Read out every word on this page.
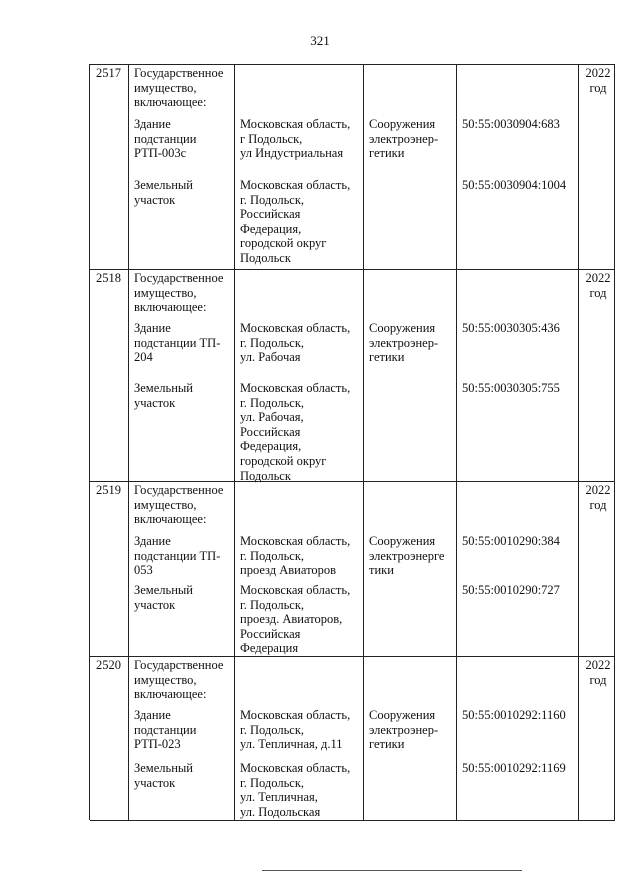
321
2517 Государственное
имущество,
включающее:
2022
год
Здание
подстанции
РТП-003с
Московская область,
г Подольск,
ул Индустриальная
Сооружения
электроэнер-
гетики
50:55:0030904:683
Земельный
участок
Московская область,
г. Подольск,
Российская
Федерация,
городской округ
Подольск
50:55:0030904:1004
2518 Государственное
имущество,
включающее:
2022
год
Здание
подстанции ТП-
204
Московская область,
г. Подольск,
ул. Рабочая
Сооружения
электроэнер-
гетики
50:55:0030305:436
Земельный
участок
Московская область,
г. Подольск,
ул. Рабочая,
Российская
Федерация,
городской округ
Подольск
50:55:0030305:755
2519 Государственное
имущество,
включающее:
2022
год
Здание
подстанции ТП-
053
Московская область,
г. Подольск,
проезд Авиаторов
Сооружения
электроэнерге
тики
50:55:0010290:384
Земельный
участок
Московская область,
г. Подольск,
проезд. Авиаторов,
Российская
Федерация
50:55:0010290:727
2520 Государственное
имущество,
включающее:
2022
год
Здание
подстанции
РТП-023
Московская область,
г. Подольск,
ул. Тепличная, д.11
Сооружения
электроэнер-
гетики
50:55:0010292:1160
Земельный
участок
Московская область,
г. Подольск,
ул. Тепличная,
ул. Подольская
50:55:0010292:1169
